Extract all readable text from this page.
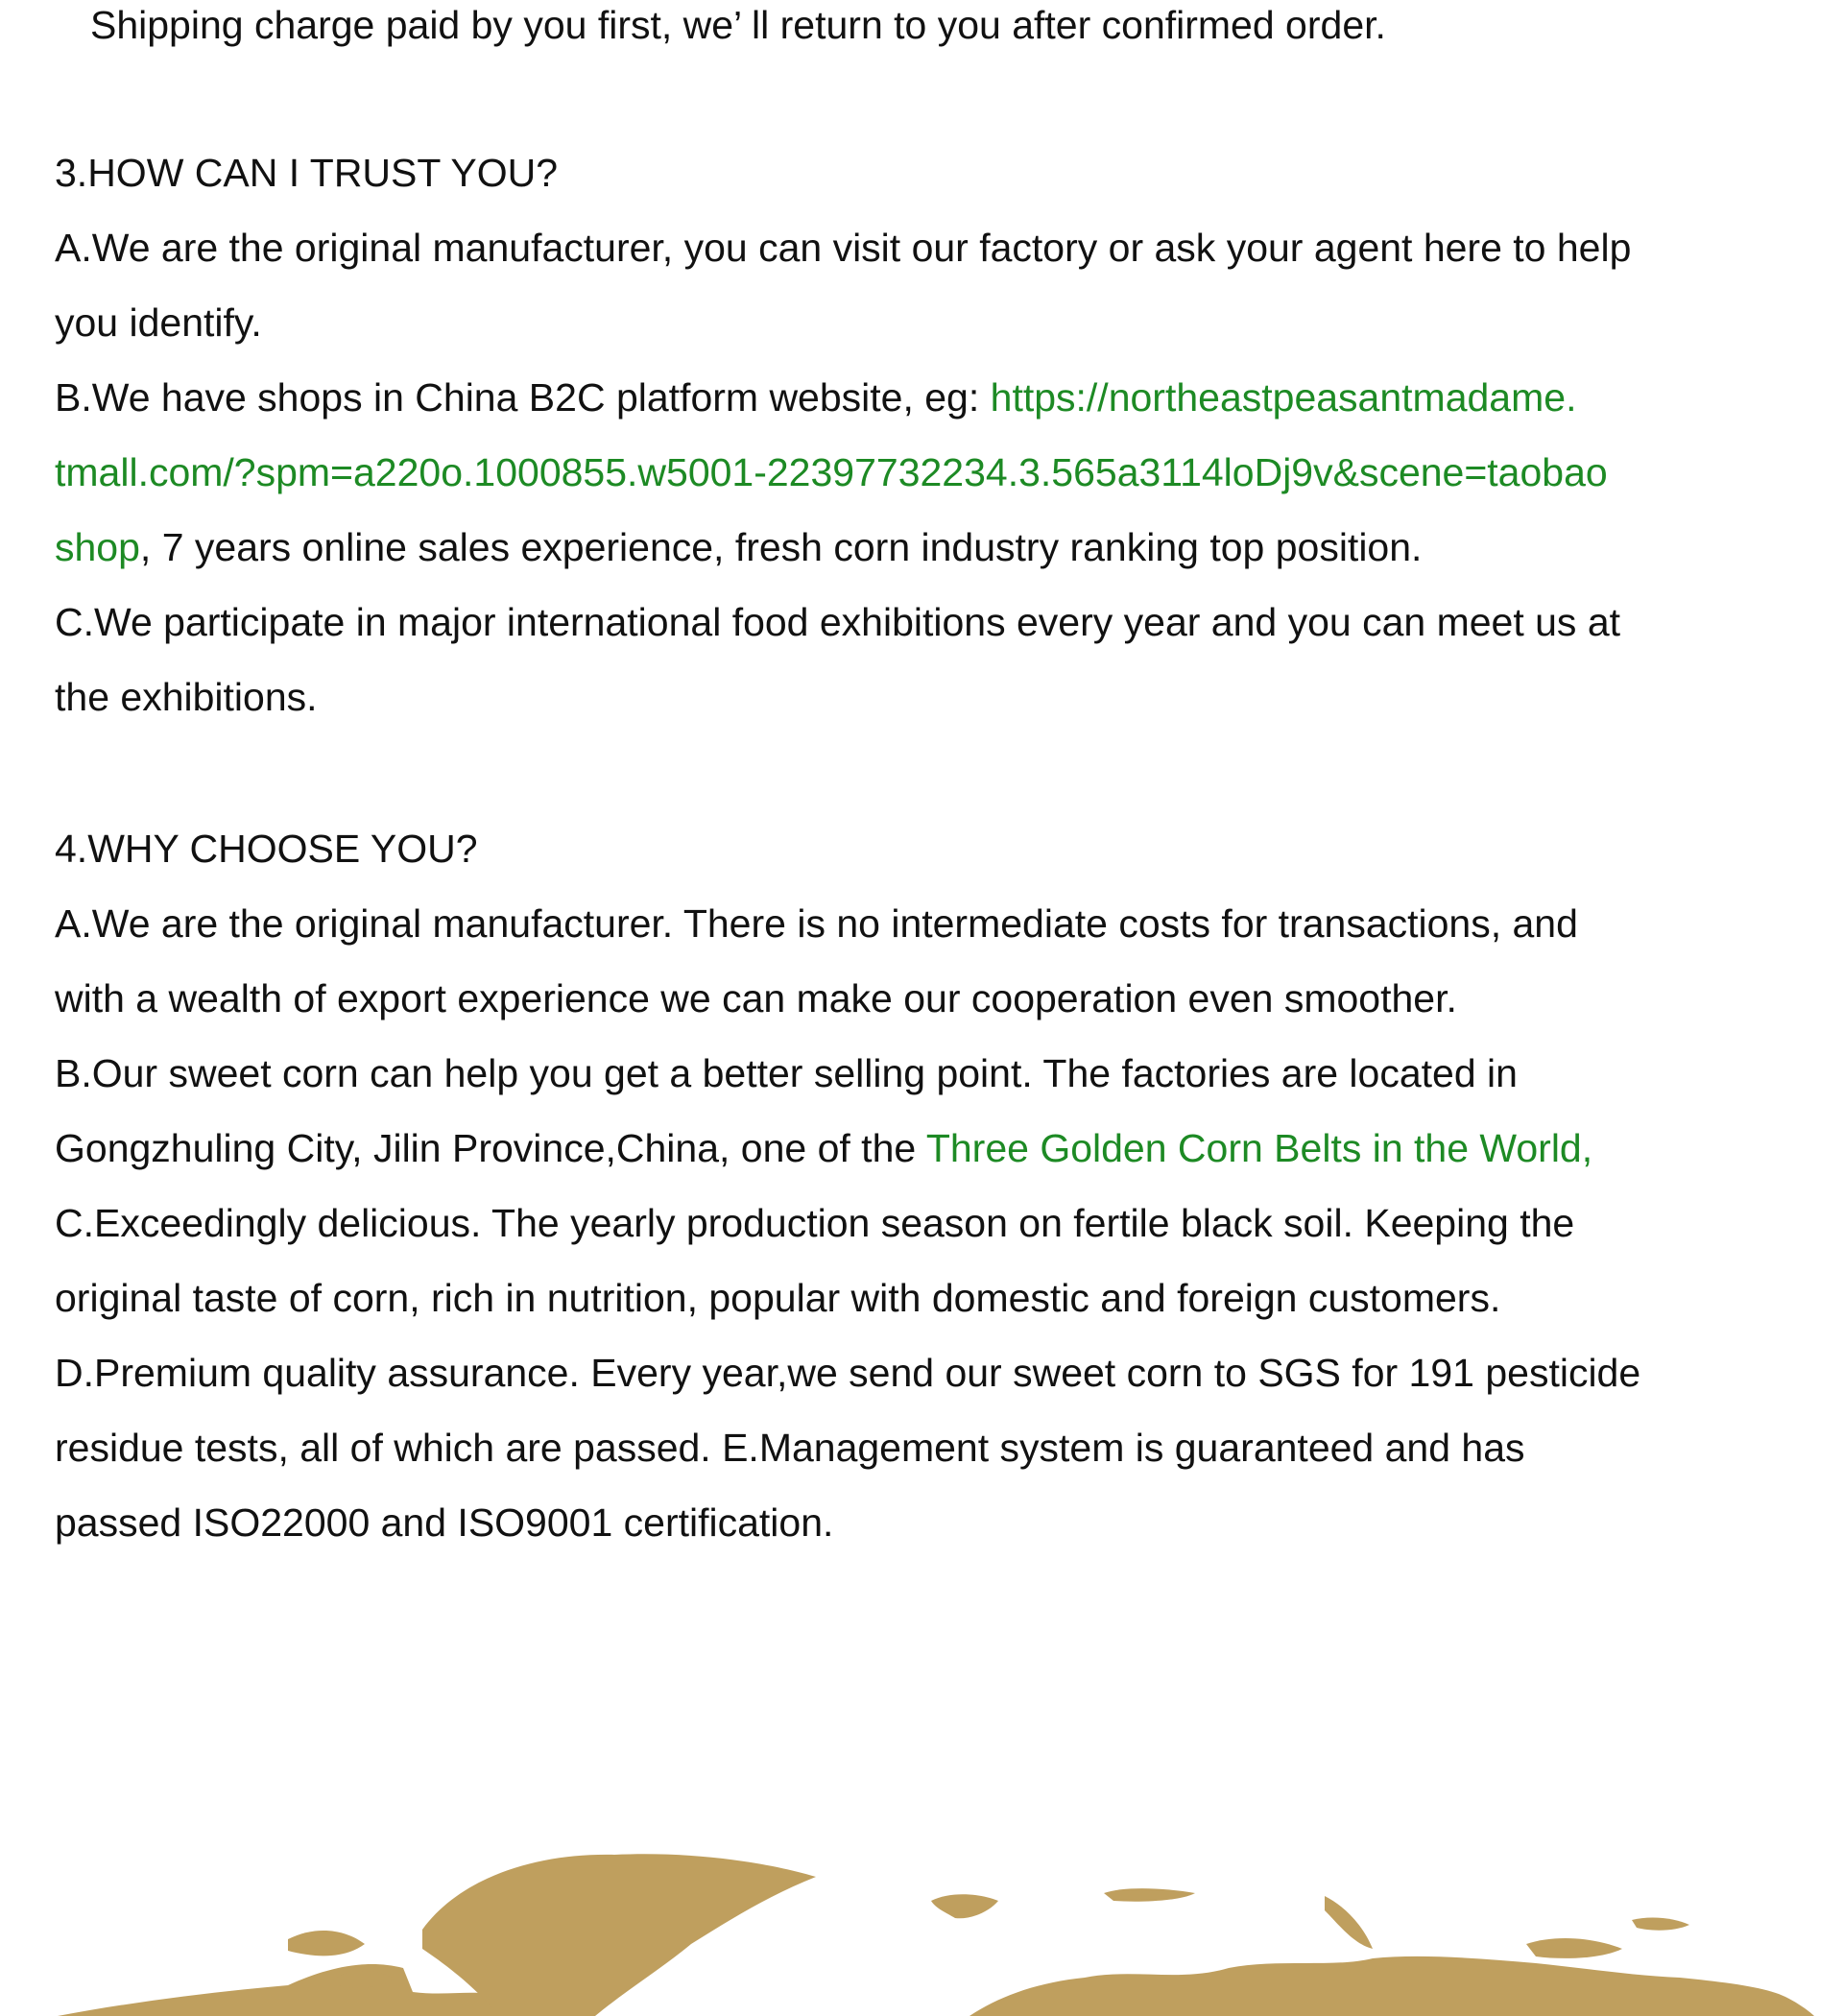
Shipping charge paid by you first, we’ ll return to you after confirmed order.
3.HOW CAN I TRUST YOU?
A.We are the original manufacturer, you can visit our factory or ask your agent here to help
you identify.
B.We have shops in China B2C platform website, eg: https://northeastpeasantmadame.
tmall.com/?spm=a220o.1000855.w5001-22397732234.3.565a3114loDj9v&scene=taobao
shop, 7 years online sales experience, fresh corn industry ranking top position.
C.We participate in major international food exhibitions every year and you can meet us at
the exhibitions.
4.WHY CHOOSE YOU?
A.We are the original manufacturer. There is no intermediate costs for transactions, and
with a wealth of export experience we can make our cooperation even smoother.
B.Our sweet corn can help you get a better selling point. The factories are located in
Gongzhuling City, Jilin Province,China, one of the Three Golden Corn Belts in the World,
C.Exceedingly delicious. The yearly production season on fertile black soil. Keeping the
original taste of corn, rich in nutrition, popular with domestic and foreign customers.
D.Premium quality assurance. Every year,we send our sweet corn to SGS for 191 pesticide
residue tests, all of which are passed. E.Management system is guaranteed and has
passed ISO22000 and ISO9001 certification.
